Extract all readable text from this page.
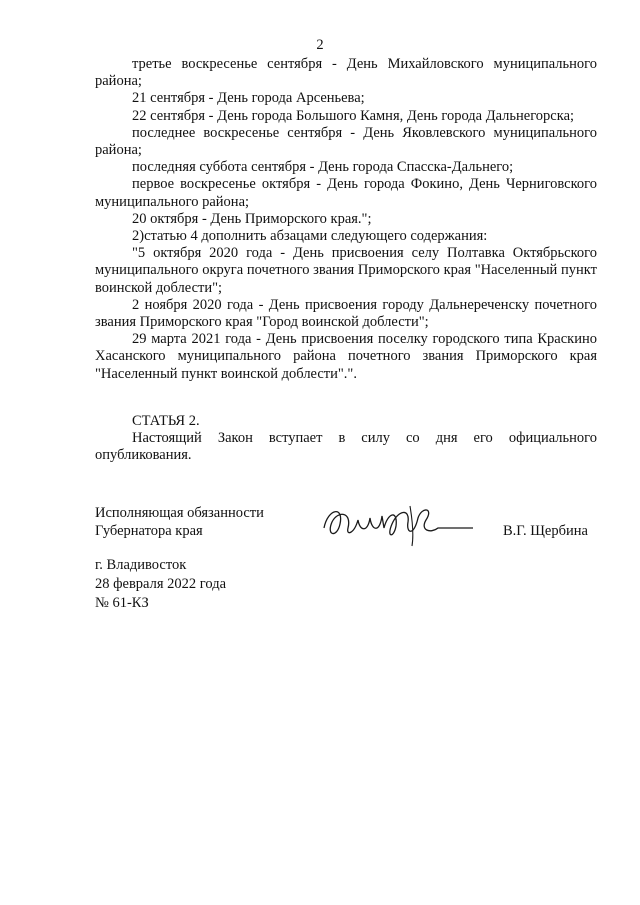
2

третье воскресенье сентября - День Михайловского муниципального района;

21 сентября - День города Арсеньева;

22 сентября - День города Большого Камня, День города Дальнегорска;

последнее воскресенье сентября - День Яковлевского муниципального района;

последняя суббота сентября - День города Спасска-Дальнего;

первое воскресенье октября - День города Фокино, День Черниговского муниципального района;

20 октября - День Приморского края.";

2)статью 4 дополнить абзацами следующего содержания:

"5 октября 2020 года - День присвоения селу Полтавка Октябрьского муниципального округа почетного звания Приморского края "Населенный пункт воинской доблести";

2 ноября 2020 года - День присвоения городу Дальнереченску почетного звания Приморского края "Город воинской доблести";

29 марта 2021 года - День присвоения поселку городского типа Краскино Хасанского муниципального района почетного звания Приморского края "Населенный пункт воинской доблести".".

СТАТЬЯ 2.

Настоящий Закон вступает в силу со дня его официального опубликования.

Исполняющая обязанности
Губернатора края	В.Г. Щербина
г. Владивосток
28 февраля 2022 года
№ 61-КЗ
